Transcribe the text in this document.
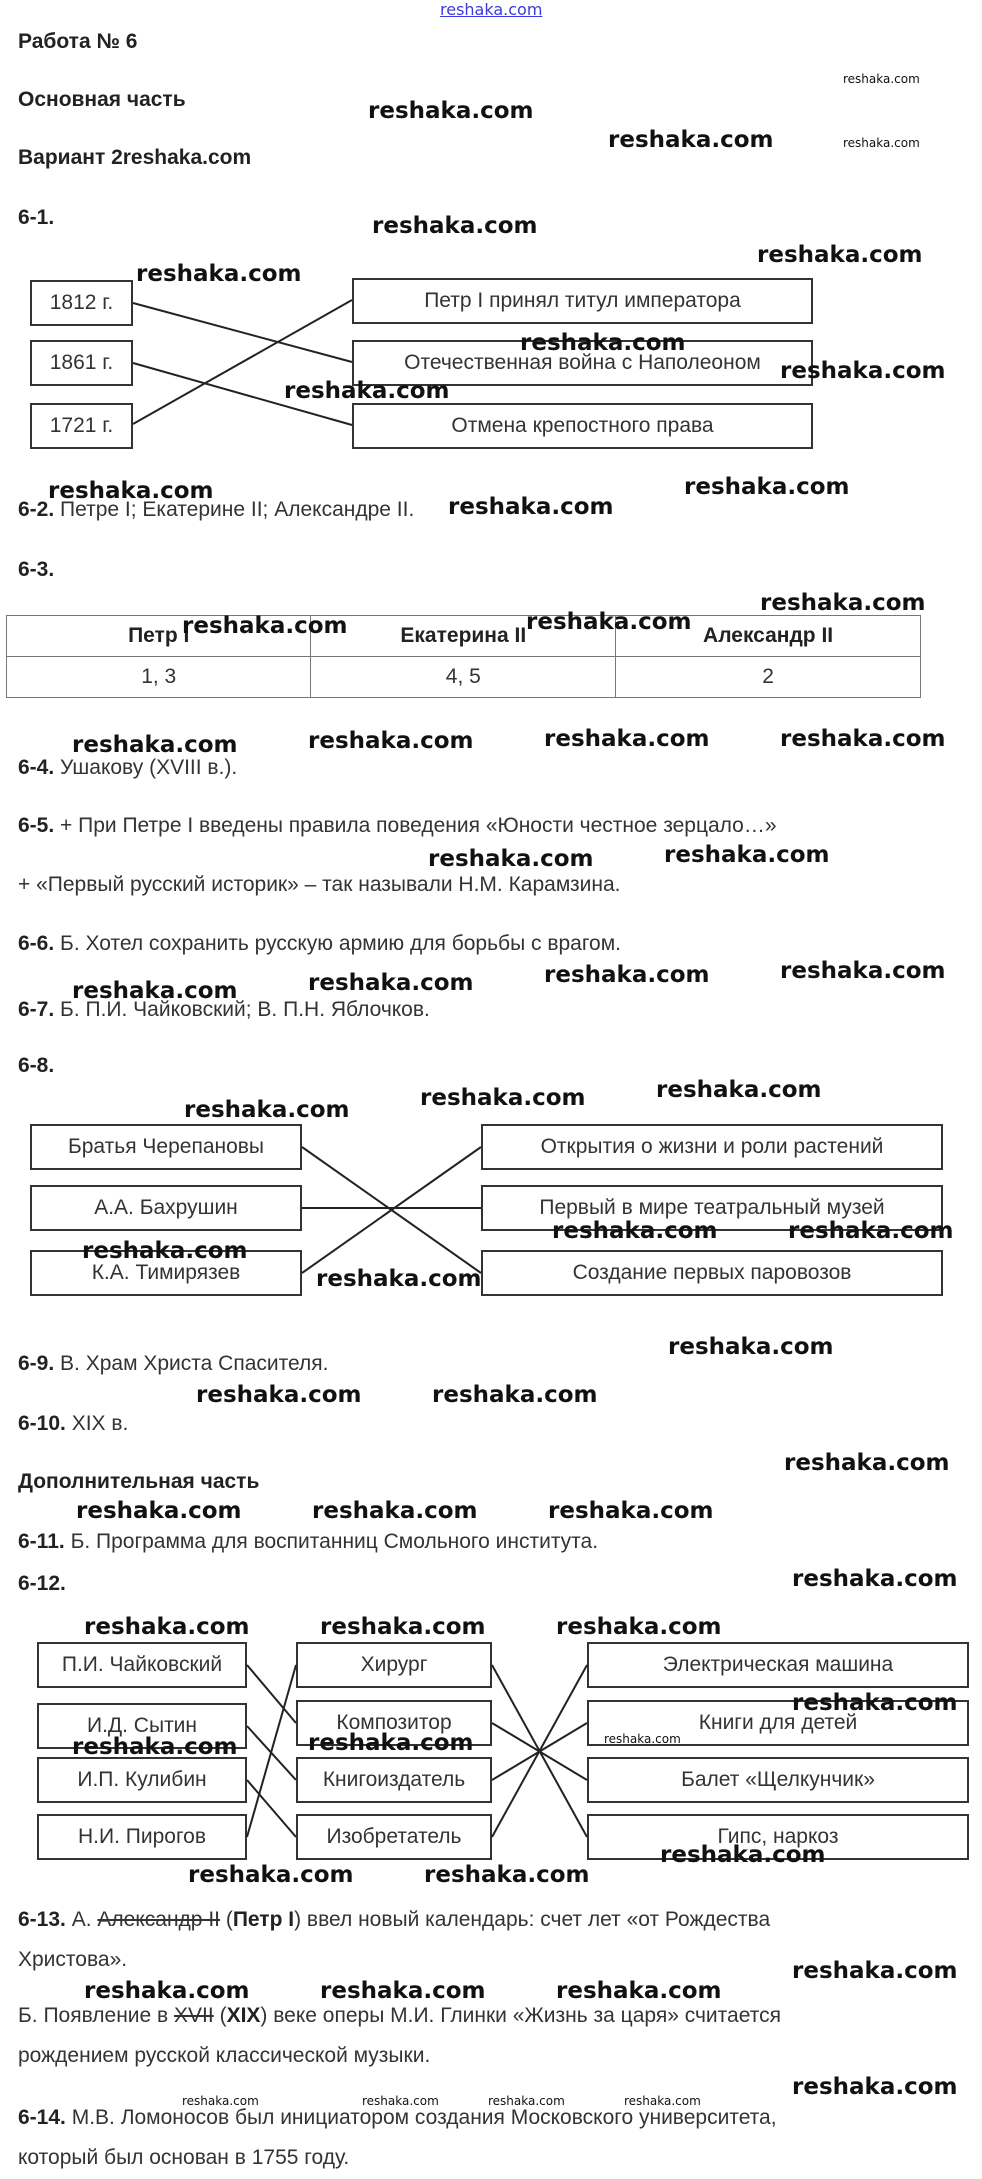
reshaka.com
Работа № 6
Основная часть
Вариант 2reshaka.com
6-1.
1812 г.
1861 г.
1721 г.
Петр I принял титул императора
Отечественная война с Наполеоном
Отмена крепостного права
6-2. Петре I; Екатерине II; Александре II.
6-3.
Петр I	Екатерина II	Александр II
1, 3	4, 5	2
6-4. Ушакову (XVIII в.).
6-5. + При Петре I введены правила поведения «Юности честное зерцало…»
+ «Первый русский историк» – так называли Н.М. Карамзина.
6-6. Б. Хотел сохранить русскую армию для борьбы с врагом.
6-7. Б. П.И. Чайковский; В. П.Н. Яблочков.
6-8.
Братья Черепановы
А.А. Бахрушин
К.А. Тимирязев
Открытия о жизни и роли растений
Первый в мире театральный музей
Создание первых паровозов
6-9. В. Храм Христа Спасителя.
6-10. XIX в.
Дополнительная часть
6-11. Б. Программа для воспитанниц Смольного института.
6-12.
П.И. Чайковский
И.Д. Сытин
И.П. Кулибин
Н.И. Пирогов
Хирург
Композитор
Книгоиздатель
Изобретатель
Электрическая машина
Книги для детей
Балет «Щелкунчик»
Гипс, наркоз
6-13. А. Александр II (Петр I) ввел новый календарь: счет лет «от Рождества
Христова».
Б. Появление в XVII (XIX) веке оперы М.И. Глинки «Жизнь за царя» считается
рождением русской классической музыки.
6-14. М.В. Ломоносов был инициатором создания Московского университета,
который был основан в 1755 году.
reshaka.com
reshaka.com
reshaka.com
reshaka.com
reshaka.com
reshaka.com
reshaka.com
reshaka.com
reshaka.com	reshaka.com
reshaka.com
reshaka.com
reshaka.com
reshaka.com
reshaka.com	reshaka.com	reshaka.com	reshaka.com
reshaka.com	reshaka.com
reshaka.com	reshaka.com	reshaka.com	reshaka.com
reshaka.com	reshaka.com	reshaka.com
reshaka.com	reshaka.com
reshaka.com
reshaka.com
reshaka.com
reshaka.com	reshaka.com
reshaka.com
reshaka.com	reshaka.com	reshaka.com
reshaka.com
reshaka.com	reshaka.com	reshaka.com
reshaka.com
reshaka.com	reshaka.com
reshaka.com
reshaka.com	reshaka.com
reshaka.com
reshaka.com	reshaka.com	reshaka.com
reshaka.com
reshaka.com
reshaka.com
reshaka.com
reshaka.com	reshaka.com	reshaka.com	reshaka.com
